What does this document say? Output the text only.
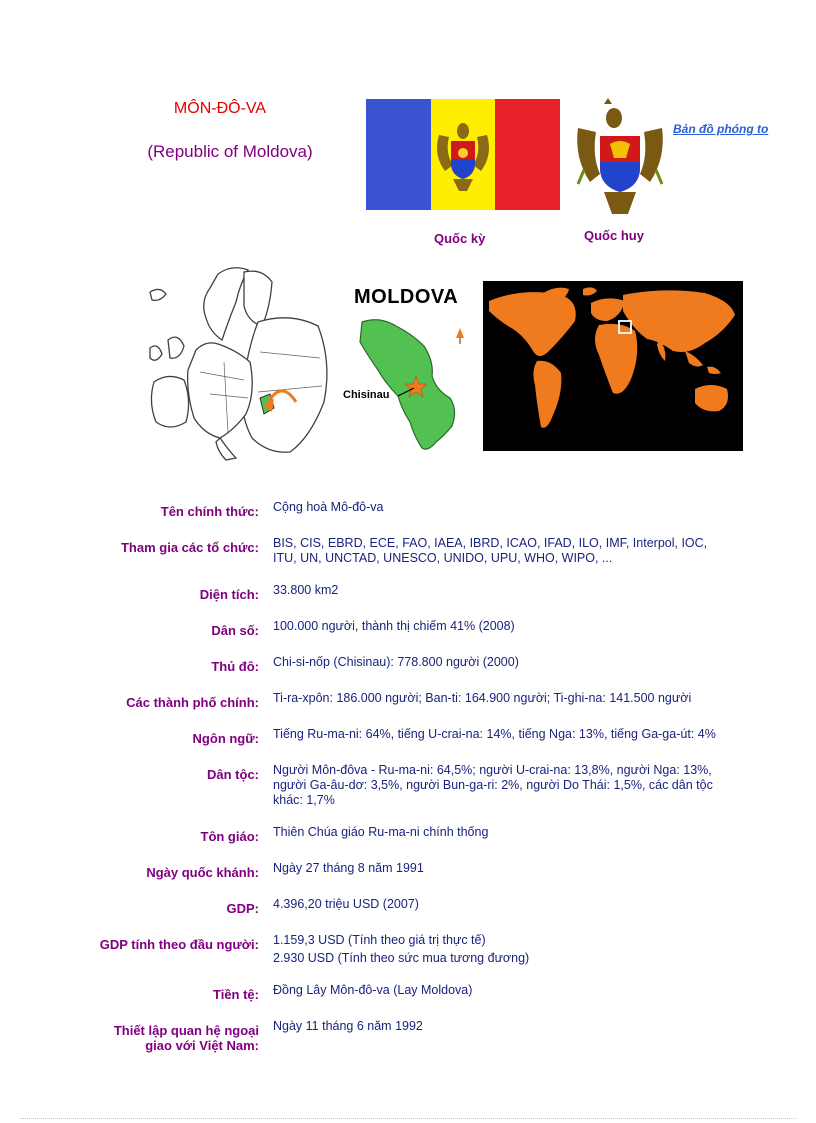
MÔN-ĐÔ-VA
(Republic of Moldova)
Quốc kỳ	Quốc huy
Bản đồ phóng to
MOLDOVA
Chisinau
Tên chính thức:	Cộng hoà Mô-đô-va
Tham gia các tổ chức:	BIS, CIS, EBRD, ECE, FAO, IAEA, IBRD, ICAO, IFAD, ILO, IMF, Interpol, IOC,
ITU, UN, UNCTAD, UNESCO, UNIDO, UPU, WHO, WIPO, ...
Diện tích:	33.800 km2
Dân số:	100.000 người, thành thị chiếm 41% (2008)
Thủ đô:	Chi-si-nốp (Chisinau): 778.800 người (2000)
Các thành phố chính:	Ti-ra-xpôn: 186.000 người; Ban-ti: 164.900 người; Ti-ghi-na: 141.500 người
Ngôn ngữ:	Tiếng Ru-ma-ni: 64%, tiếng U-crai-na: 14%, tiếng Nga: 13%, tiếng Ga-ga-út: 4%
Dân tộc:	Người Môn-đôva - Ru-ma-ni: 64,5%; người U-crai-na: 13,8%, người Nga: 13%,
người Ga-âu-dơ: 3,5%, người Bun-ga-ri: 2%, người Do Thái: 1,5%, các dân tộc
khác: 1,7%
Tôn giáo:	Thiên Chúa giáo Ru-ma-ni chính thống
Ngày quốc khánh:	Ngày 27 tháng 8 năm 1991
GDP:	4.396,20 triệu USD (2007)
GDP tính theo đầu người:	1.159,3 USD (Tính theo giá trị thực tế)
2.930 USD (Tính theo sức mua tương đương)
Tiền tệ:	Đồng Lây Môn-đô-va (Lay Moldova)
Thiết lập quan hệ ngoại
giao với Việt Nam:
Ngày 11 tháng 6 năm 1992
